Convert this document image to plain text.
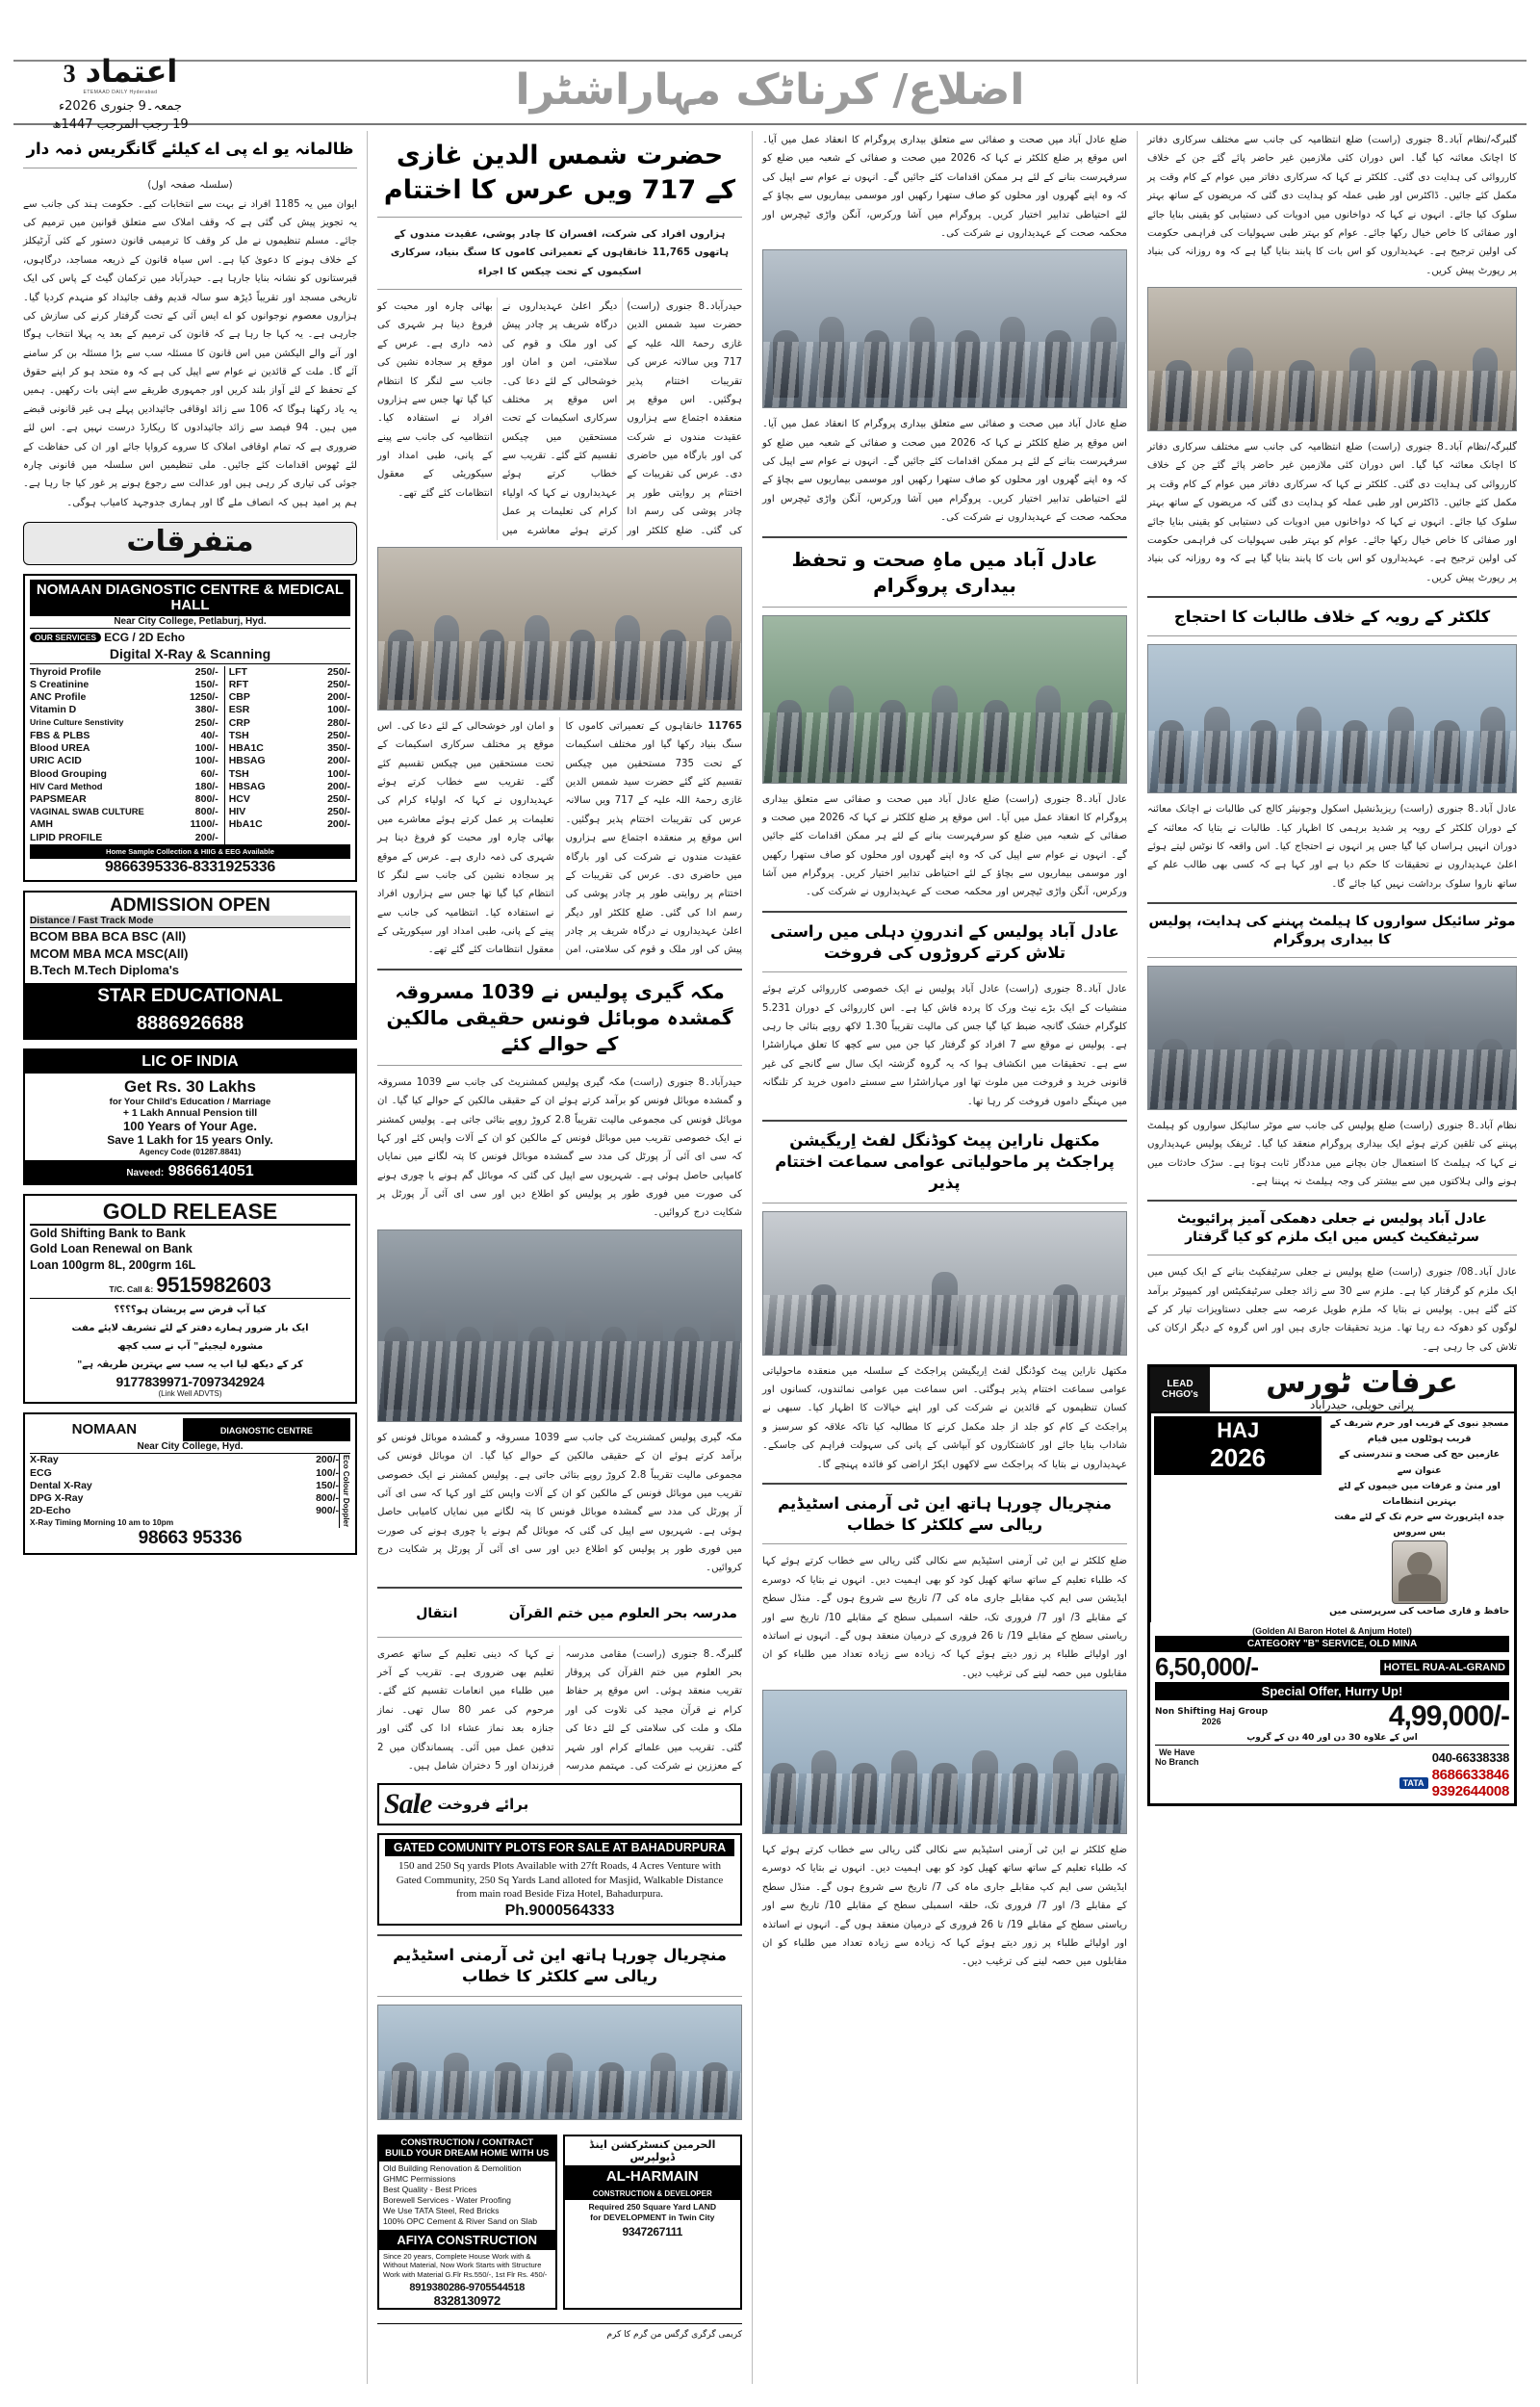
اعتماد
3
ETEMAAD DAILY Hyderabad
جمعہ۔9 جنوری 2026ء
19 رجب المرجب 1447ھ
اضلاع/ کرناٹک مہاراشٹرا
گلبرگہ/نظام آباد۔8 جنوری (راست) ضلع انتظامیہ کی جانب سے مختلف سرکاری دفاتر کا اچانک معائنہ کیا گیا۔ اس دوران کئی ملازمین غیر حاضر پائے گئے جن کے خلاف کارروائی کی ہدایت دی گئی۔ کلکٹر نے کہا کہ سرکاری دفاتر میں عوام کے کام وقت پر مکمل کئے جائیں۔ ڈاکٹرس اور طبی عملہ کو ہدایت دی گئی کہ مریضوں کے ساتھ بہتر سلوک کیا جائے۔ انہوں نے کہا کہ دواخانوں میں ادویات کی دستیابی کو یقینی بنایا جائے اور صفائی کا خاص خیال رکھا جائے۔ عوام کو بہتر طبی سہولیات کی فراہمی حکومت کی اولین ترجیح ہے۔ عہدیداروں کو اس بات کا پابند بنایا گیا ہے کہ وہ روزانہ کی بنیاد پر رپورٹ پیش کریں۔
گلبرگہ/نظام آباد۔8 جنوری (راست) ضلع انتظامیہ کی جانب سے مختلف سرکاری دفاتر کا اچانک معائنہ کیا گیا۔ اس دوران کئی ملازمین غیر حاضر پائے گئے جن کے خلاف کارروائی کی ہدایت دی گئی۔ کلکٹر نے کہا کہ سرکاری دفاتر میں عوام کے کام وقت پر مکمل کئے جائیں۔ ڈاکٹرس اور طبی عملہ کو ہدایت دی گئی کہ مریضوں کے ساتھ بہتر سلوک کیا جائے۔ انہوں نے کہا کہ دواخانوں میں ادویات کی دستیابی کو یقینی بنایا جائے اور صفائی کا خاص خیال رکھا جائے۔ عوام کو بہتر طبی سہولیات کی فراہمی حکومت کی اولین ترجیح ہے۔ عہدیداروں کو اس بات کا پابند بنایا گیا ہے کہ وہ روزانہ کی بنیاد پر رپورٹ پیش کریں۔
کلکٹر کے رویہ کے خلاف طالبات کا احتجاج
عادل آباد۔8 جنوری (راست) ریزیڈنشیل اسکول وجونیئر کالج کی طالبات نے اچانک معائنہ کے دوران کلکٹر کے رویہ پر شدید برہمی کا اظہار کیا۔ طالبات نے بتایا کہ معائنہ کے دوران انہیں ہراساں کیا گیا جس پر انہوں نے احتجاج کیا۔ اس واقعہ کا نوٹس لیتے ہوئے اعلیٰ عہدیداروں نے تحقیقات کا حکم دیا ہے اور کہا ہے کہ کسی بھی طالب علم کے ساتھ ناروا سلوک برداشت نہیں کیا جائے گا۔
موٹر سائیکل سواروں کا ہیلمٹ پہننے کی ہدایت، پولیس کا بیداری پروگرام
نظام آباد۔8 جنوری (راست) ضلع پولیس کی جانب سے موٹر سائیکل سواروں کو ہیلمٹ پہننے کی تلقین کرتے ہوئے ایک بیداری پروگرام منعقد کیا گیا۔ ٹریفک پولیس عہدیداروں نے کہا کہ ہیلمٹ کا استعمال جان بچانے میں مددگار ثابت ہوتا ہے۔ سڑک حادثات میں ہونے والی ہلاکتوں میں سے بیشتر کی وجہ ہیلمٹ نہ پہننا ہے۔
عادل آباد پولیس نے جعلی دھمکی آمیز پرائیویٹ سرٹیفکیٹ کیس میں ایک ملزم کو کیا گرفتار
عادل آباد۔08/ جنوری (راست) ضلع پولیس نے جعلی سرٹیفکیٹ بنانے کے ایک کیس میں ایک ملزم کو گرفتار کیا ہے۔ ملزم سے 30 سے زائد جعلی سرٹیفکیٹس اور کمپیوٹر برآمد کئے گئے ہیں۔ پولیس نے بتایا کہ ملزم طویل عرصہ سے جعلی دستاویزات تیار کر کے لوگوں کو دھوکہ دے رہا تھا۔ مزید تحقیقات جاری ہیں اور اس گروہ کے دیگر ارکان کی تلاش کی جا رہی ہے۔
LEAD
CHGO's	عرفات ٹورس
پرانی حویلی، حیدرآباد
HAJ
2026
مسجدِ نبوی کے قریب اور حرم شریف کے قریب ہوٹلوں میں قیام
عازمین حج کی صحت و تندرستی کے عنوان سے
اور منیٰ و عرفات میں خیموں کے لئے بہترین انتظامات
جدہ ایئرپورٹ سے حرم تک کے لئے مفت بس سروس
حافظ و قاری صاحب کی سرپرستی میں
(Golden Al Baron Hotel & Anjum Hotel)
CATEGORY "B" SERVICE, OLD MINA
6,50,000/-	HOTEL RUA-AL-GRAND
Special Offer, Hurry Up!
Non Shifting Haj Group
2026	4,99,000/-
اس کے علاوہ 30 دن اور 40 دن کے گروپ
We Have
No Branch	040-66338338
TATA 8686633846
9392644008
ضلع عادل آباد میں صحت و صفائی سے متعلق بیداری پروگرام کا انعقاد عمل میں آیا۔ اس موقع پر ضلع کلکٹر نے کہا کہ 2026 میں صحت و صفائی کے شعبہ میں ضلع کو سرفہرست بنانے کے لئے ہر ممکن اقدامات کئے جائیں گے۔ انہوں نے عوام سے اپیل کی کہ وہ اپنے گھروں اور محلوں کو صاف ستھرا رکھیں اور موسمی بیماریوں سے بچاؤ کے لئے احتیاطی تدابیر اختیار کریں۔ پروگرام میں آشا ورکرس، آنگن واڑی ٹیچرس اور محکمہ صحت کے عہدیداروں نے شرکت کی۔
ضلع عادل آباد میں صحت و صفائی سے متعلق بیداری پروگرام کا انعقاد عمل میں آیا۔ اس موقع پر ضلع کلکٹر نے کہا کہ 2026 میں صحت و صفائی کے شعبہ میں ضلع کو سرفہرست بنانے کے لئے ہر ممکن اقدامات کئے جائیں گے۔ انہوں نے عوام سے اپیل کی کہ وہ اپنے گھروں اور محلوں کو صاف ستھرا رکھیں اور موسمی بیماریوں سے بچاؤ کے لئے احتیاطی تدابیر اختیار کریں۔ پروگرام میں آشا ورکرس، آنگن واڑی ٹیچرس اور محکمہ صحت کے عہدیداروں نے شرکت کی۔
عادل آباد میں ماہِ صحت و تحفظ بیداری پروگرام
عادل آباد۔8 جنوری (راست) ضلع عادل آباد میں صحت و صفائی سے متعلق بیداری پروگرام کا انعقاد عمل میں آیا۔ اس موقع پر ضلع کلکٹر نے کہا کہ 2026 میں صحت و صفائی کے شعبہ میں ضلع کو سرفہرست بنانے کے لئے ہر ممکن اقدامات کئے جائیں گے۔ انہوں نے عوام سے اپیل کی کہ وہ اپنے گھروں اور محلوں کو صاف ستھرا رکھیں اور موسمی بیماریوں سے بچاؤ کے لئے احتیاطی تدابیر اختیار کریں۔ پروگرام میں آشا ورکرس، آنگن واڑی ٹیچرس اور محکمہ صحت کے عہدیداروں نے شرکت کی۔
عادل آباد پولیس کے اندرونِ دہلی میں راستی تلاش کرتے کروڑوں کی فروخت
عادل آباد۔8 جنوری (راست) عادل آباد پولیس نے ایک خصوصی کارروائی کرتے ہوئے منشیات کے ایک بڑے نیٹ ورک کا پردہ فاش کیا ہے۔ اس کارروائی کے دوران 5.231 کلوگرام خشک گانجہ ضبط کیا گیا جس کی مالیت تقریباً 1.30 لاکھ روپے بتائی جا رہی ہے۔ پولیس نے موقع سے 7 افراد کو گرفتار کیا جن میں سے کچھ کا تعلق مہاراشٹرا سے ہے۔ تحقیقات میں انکشاف ہوا کہ یہ گروہ گزشتہ ایک سال سے گانجے کی غیر قانونی خرید و فروخت میں ملوث تھا اور مہاراشٹرا سے سستے داموں خرید کر تلنگانہ میں مہنگے داموں فروخت کر رہا تھا۔
مکتھل ناراین پیٹ کوڈنگل لفٹ اِریگیشن پراجکٹ پر ماحولیاتی عوامی سماعت اختتام پذیر
مکتھل ناراین پیٹ کوڈنگل لفٹ اِریگیشن پراجکٹ کے سلسلہ میں منعقدہ ماحولیاتی عوامی سماعت اختتام پذیر ہوگئی۔ اس سماعت میں عوامی نمائندوں، کسانوں اور کسان تنظیموں کے قائدین نے شرکت کی اور اپنے خیالات کا اظہار کیا۔ سبھی نے پراجکٹ کے کام کو جلد از جلد مکمل کرنے کا مطالبہ کیا تاکہ علاقہ کو سرسبز و شاداب بنایا جائے اور کاشتکاروں کو آبپاشی کے پانی کی سہولت فراہم کی جاسکے۔ عہدیداروں نے بتایا کہ پراجکٹ سے لاکھوں ایکڑ اراضی کو فائدہ پہنچے گا۔
منچریال چورہا ہاتھ این ٹی آرمنی اسٹیڈیم ریالی سے کلکٹر کا خطاب
ضلع کلکٹر نے این ٹی آرمنی اسٹیڈیم سے نکالی گئی ریالی سے خطاب کرتے ہوئے کہا کہ طلباء تعلیم کے ساتھ ساتھ کھیل کود کو بھی اہمیت دیں۔ انہوں نے بتایا کہ دوسرے ایڈیشن سی ایم کپ مقابلے جاری ماہ کی 7/ تاریخ سے شروع ہوں گے۔ منڈل سطح کے مقابلے 3/ اور 7/ فروری تک، حلقہ اسمبلی سطح کے مقابلے 10/ تاریخ سے اور ریاستی سطح کے مقابلے 19/ تا 26 فروری کے درمیان منعقد ہوں گے۔ انہوں نے اساتذہ اور اولیائے طلباء پر زور دیتے ہوئے کہا کہ زیادہ سے زیادہ تعداد میں طلباء کو ان مقابلوں میں حصہ لینے کی ترغیب دیں۔
ضلع کلکٹر نے این ٹی آرمنی اسٹیڈیم سے نکالی گئی ریالی سے خطاب کرتے ہوئے کہا کہ طلباء تعلیم کے ساتھ ساتھ کھیل کود کو بھی اہمیت دیں۔ انہوں نے بتایا کہ دوسرے ایڈیشن سی ایم کپ مقابلے جاری ماہ کی 7/ تاریخ سے شروع ہوں گے۔ منڈل سطح کے مقابلے 3/ اور 7/ فروری تک، حلقہ اسمبلی سطح کے مقابلے 10/ تاریخ سے اور ریاستی سطح کے مقابلے 19/ تا 26 فروری کے درمیان منعقد ہوں گے۔ انہوں نے اساتذہ اور اولیائے طلباء پر زور دیتے ہوئے کہا کہ زیادہ سے زیادہ تعداد میں طلباء کو ان مقابلوں میں حصہ لینے کی ترغیب دیں۔
حضرت شمس الدین غازی کے 717 ویں عرس کا اختتام
ہزاروں افراد کی شرکت، افسران کا چادر پوشی، عقیدت مندوں کے ہاتھوں 11,765 خانقاہوں کے تعمیراتی کاموں کا سنگ بنیاد، سرکاری اسکیموں کے تحت چیکس کا اجراء
حیدرآباد۔8 جنوری (راست) حضرت سید شمس الدین غازی رحمۃ اللہ علیہ کے 717 ویں سالانہ عرس کی تقریبات اختتام پذیر ہوگئیں۔ اس موقع پر منعقدہ اجتماع سے ہزاروں عقیدت مندوں نے شرکت کی اور بارگاہ میں حاضری دی۔ عرس کی تقریبات کے اختتام پر روایتی طور پر چادر پوشی کی رسم ادا کی گئی۔ ضلع کلکٹر اور دیگر اعلیٰ عہدیداروں نے درگاہ شریف پر چادر پیش کی اور ملک و قوم کی سلامتی، امن و امان اور خوشحالی کے لئے دعا کی۔ اس موقع پر مختلف سرکاری اسکیمات کے تحت مستحقین میں چیکس تقسیم کئے گئے۔ تقریب سے خطاب کرتے ہوئے عہدیداروں نے کہا کہ اولیاء کرام کی تعلیمات پر عمل کرتے ہوئے معاشرے میں بھائی چارہ اور محبت کو فروغ دینا ہر شہری کی ذمہ داری ہے۔ عرس کے موقع پر سجادہ نشین کی جانب سے لنگر کا انتظام کیا گیا تھا جس سے ہزاروں افراد نے استفادہ کیا۔ انتظامیہ کی جانب سے پینے کے پانی، طبی امداد اور سیکوریٹی کے معقول انتظامات کئے گئے تھے۔
11765 خانقاہوں کے تعمیراتی کاموں کا سنگ بنیاد رکھا گیا اور مختلف اسکیمات کے تحت 735 مستحقین میں چیکس تقسیم کئے گئے حضرت سید شمس الدین غازی رحمۃ اللہ علیہ کے 717 ویں سالانہ عرس کی تقریبات اختتام پذیر ہوگئیں۔ اس موقع پر منعقدہ اجتماع سے ہزاروں عقیدت مندوں نے شرکت کی اور بارگاہ میں حاضری دی۔ عرس کی تقریبات کے اختتام پر روایتی طور پر چادر پوشی کی رسم ادا کی گئی۔ ضلع کلکٹر اور دیگر اعلیٰ عہدیداروں نے درگاہ شریف پر چادر پیش کی اور ملک و قوم کی سلامتی، امن و امان اور خوشحالی کے لئے دعا کی۔ اس موقع پر مختلف سرکاری اسکیمات کے تحت مستحقین میں چیکس تقسیم کئے گئے۔ تقریب سے خطاب کرتے ہوئے عہدیداروں نے کہا کہ اولیاء کرام کی تعلیمات پر عمل کرتے ہوئے معاشرے میں بھائی چارہ اور محبت کو فروغ دینا ہر شہری کی ذمہ داری ہے۔ عرس کے موقع پر سجادہ نشین کی جانب سے لنگر کا انتظام کیا گیا تھا جس سے ہزاروں افراد نے استفادہ کیا۔ انتظامیہ کی جانب سے پینے کے پانی، طبی امداد اور سیکوریٹی کے معقول انتظامات کئے گئے تھے۔
مکہ گیری پولیس نے 1039 مسروقہ گمشدہ موبائل فونس حقیقی مالکین کے حوالے کئے
حیدرآباد۔8 جنوری (راست) مکہ گیری پولیس کمشنریٹ کی جانب سے 1039 مسروقہ و گمشدہ موبائل فونس کو برآمد کرتے ہوئے ان کے حقیقی مالکین کے حوالے کیا گیا۔ ان موبائل فونس کی مجموعی مالیت تقریباً 2.8 کروڑ روپے بتائی جاتی ہے۔ پولیس کمشنر نے ایک خصوصی تقریب میں موبائل فونس کے مالکین کو ان کے آلات واپس کئے اور کہا کہ سی ای آئی آر پورٹل کی مدد سے گمشدہ موبائل فونس کا پتہ لگانے میں نمایاں کامیابی حاصل ہوئی ہے۔ شہریوں سے اپیل کی گئی کہ موبائل گم ہونے یا چوری ہونے کی صورت میں فوری طور پر پولیس کو اطلاع دیں اور سی ای آئی آر پورٹل پر شکایت درج کروائیں۔
مکہ گیری پولیس کمشنریٹ کی جانب سے 1039 مسروقہ و گمشدہ موبائل فونس کو برآمد کرتے ہوئے ان کے حقیقی مالکین کے حوالے کیا گیا۔ ان موبائل فونس کی مجموعی مالیت تقریباً 2.8 کروڑ روپے بتائی جاتی ہے۔ پولیس کمشنر نے ایک خصوصی تقریب میں موبائل فونس کے مالکین کو ان کے آلات واپس کئے اور کہا کہ سی ای آئی آر پورٹل کی مدد سے گمشدہ موبائل فونس کا پتہ لگانے میں نمایاں کامیابی حاصل ہوئی ہے۔ شہریوں سے اپیل کی گئی کہ موبائل گم ہونے یا چوری ہونے کی صورت میں فوری طور پر پولیس کو اطلاع دیں اور سی ای آئی آر پورٹل پر شکایت درج کروائیں۔
انتقال	مدرسہ بحر العلوم میں ختم القرآن
گلبرگہ۔8 جنوری (راست) مقامی مدرسہ بحر العلوم میں ختم القرآن کی پروقار تقریب منعقد ہوئی۔ اس موقع پر حفاظ کرام نے قرآن مجید کی تلاوت کی اور ملک و ملت کی سلامتی کے لئے دعا کی گئی۔ تقریب میں علمائے کرام اور شہر کے معززین نے شرکت کی۔ مہتمم مدرسہ نے کہا کہ دینی تعلیم کے ساتھ عصری تعلیم بھی ضروری ہے۔ تقریب کے آخر میں طلباء میں انعامات تقسیم کئے گئے۔ مرحوم کی عمر 80 سال تھی۔ نماز جنازہ بعد نماز عشاء ادا کی گئی اور تدفین عمل میں آئی۔ پسماندگان میں 2 فرزندان اور 5 دختران شامل ہیں۔
Sale برائے فروخت
GATED COMUNITY PLOTS FOR SALE AT BAHADURPURA
150 and 250 Sq yards Plots Available with 27ft Roads, 4 Acres Venture with Gated Community, 250 Sq Yards Land alloted for Masjid, Walkable Distance from main road Beside Fiza Hotel, Bahadurpura.
Ph.9000564333
منچریال چورہا ہاتھ این ٹی آرمنی اسٹیڈیم ریالی سے کلکٹر کا خطاب
CONSTRUCTION / CONTRACT
BUILD YOUR DREAM HOME WITH US
Old Building Renovation & Demolition
GHMC Permissions
Best Quality - Best Prices
Borewell Services - Water Proofing
We Use TATA Steel, Red Bricks
100% OPC Cement & River Sand on Slab
AFIYA CONSTRUCTION
Since 20 years, Complete House Work with & Without Material, Now Work Starts with Structure Work with Material G.Flr Rs.550/-, 1st Flr Rs. 450/-
8919380286-9705544518
8328130972
الحرمین کنسٹرکشن اینڈ ڈیولپرس
AL-HARMAIN
CONSTRUCTION & DEVELOPER
Required 250 Square Yard LAND
for DEVELOPMENT in Twin City
9347267111
کریمی گرگری گرگس من گرم کا کرم
ظالمانہ یو اے پی اے کیلئے گانگریس ذمہ دار
(سلسلہ صفحہ اول)
ایوان میں یہ 1185 افراد نے بہت سے انتخابات کیے۔ حکومت ہند کی جانب سے یہ تجویز پیش کی گئی ہے کہ وقف املاک سے متعلق قوانین میں ترمیم کی جائے۔ مسلم تنظیموں نے مل کر وقف کا ترمیمی قانون دستور کے کئی آرٹیکلز کے خلاف ہونے کا دعویٰ کیا ہے۔ اس سیاہ قانون کے ذریعہ مساجد، درگاہوں، قبرستانوں کو نشانہ بنایا جارہا ہے۔ حیدرآباد میں ترکمان گیٹ کے پاس کی ایک تاریخی مسجد اور تقریباً ڈیڑھ سو سالہ قدیم وقف جائیداد کو منہدم کردیا گیا۔ ہزاروں معصوم نوجوانوں کو اے ایس آئی کے تحت گرفتار کرنے کی سازش کی جارہی ہے۔ یہ کہا جا رہا ہے کہ قانون کی ترمیم کے بعد یہ پہلا انتخاب ہوگا اور آنے والے الیکشن میں اس قانون کا مسئلہ سب سے بڑا مسئلہ بن کر سامنے آئے گا۔ ملت کے قائدین نے عوام سے اپیل کی ہے کہ وہ متحد ہو کر اپنے حقوق کے تحفظ کے لئے آواز بلند کریں اور جمہوری طریقے سے اپنی بات رکھیں۔ ہمیں یہ یاد رکھنا ہوگا کہ 106 سے زائد اوقافی جائیدادیں پہلے ہی غیر قانونی قبضے میں ہیں۔ 94 فیصد سے زائد جائیدادوں کا ریکارڈ درست نہیں ہے۔ اس لئے ضروری ہے کہ تمام اوقافی املاک کا سروے کروایا جائے اور ان کی حفاظت کے لئے ٹھوس اقدامات کئے جائیں۔ ملی تنظیمیں اس سلسلہ میں قانونی چارہ جوئی کی تیاری کر رہی ہیں اور عدالت سے رجوع ہونے پر غور کیا جا رہا ہے۔ ہم پر امید ہیں کہ انصاف ملے گا اور ہماری جدوجہد کامیاب ہوگی۔
متفرقات
NOMAAN DIAGNOSTIC CENTRE & MEDICAL HALL
Near City College, Petlaburj, Hyd.
OUR SERVICES ECG / 2D Echo
Digital X-Ray & Scanning
Thyroid Profile	250/-
S Creatinine	150/-
ANC Profile	1250/-
Vitamin D	380/-
Urine Culture Senstivity	250/-
FBS & PLBS	40/-
Blood UREA	100/-
URIC ACID	100/-
Blood Grouping	60/-
HIV Card Method	180/-
PAPSMEAR	800/-
VAGINAL SWAB CULTURE	800/-
AMH	1100/-
LIPID PROFILE	200/-
LFT	250/-
RFT	250/-
CBP	200/-
ESR	100/-
CRP	280/-
TSH	250/-
HBA1C	350/-
HBSAG	200/-
TSH	100/-
HBSAG	200/-
HCV	250/-
HIV	250/-
HbA1C	200/-
Home Sample Collection & HIIG & EEG Available
9866395336-8331925336
ADMISSION OPEN
Distance / Fast Track Mode
BCOM BBA BCA BSC (All)
MCOM MBA MCA MSC(All)
B.Tech M.Tech Diploma's
STAR EDUCATIONAL
8886926688
LIC OF INDIA
Get Rs. 30 Lakhs
for Your Child's Education / Marriage
+ 1 Lakh Annual Pension till
100 Years of Your Age.
Save 1 Lakh for 15 years Only.
Agency Code (01287.8841)
Naveed: 9866614051
GOLD RELEASE
Gold Shifting Bank to Bank
Gold Loan Renewal on Bank
Loan 100grm 8L, 200grm 16L
T/C. Call &: 9515982603
کیا آپ قرض سے پریشان ہو؟؟؟؟
ایک بار ضرور ہمارے دفتر کے لئے تشریف لایئے مفت
مشورہ لیجیئے" آپ نے سب کچھ
کر کے دیکھ لیا اب یہ سب سے بہترین طریقہ ہے"
9177839971-7097342924
(Link Well ADVTS)
NOMAAN	DIAGNOSTIC CENTRE
Near City College, Hyd.
X-Ray	200/-
ECG	100/-
Dental X-Ray	150/-
DPG X-Ray	800/-
2D-Echo	900/-
X-Ray Timing Morning 10 am to 10pm	Eco Colour Doppler
98663 95336
